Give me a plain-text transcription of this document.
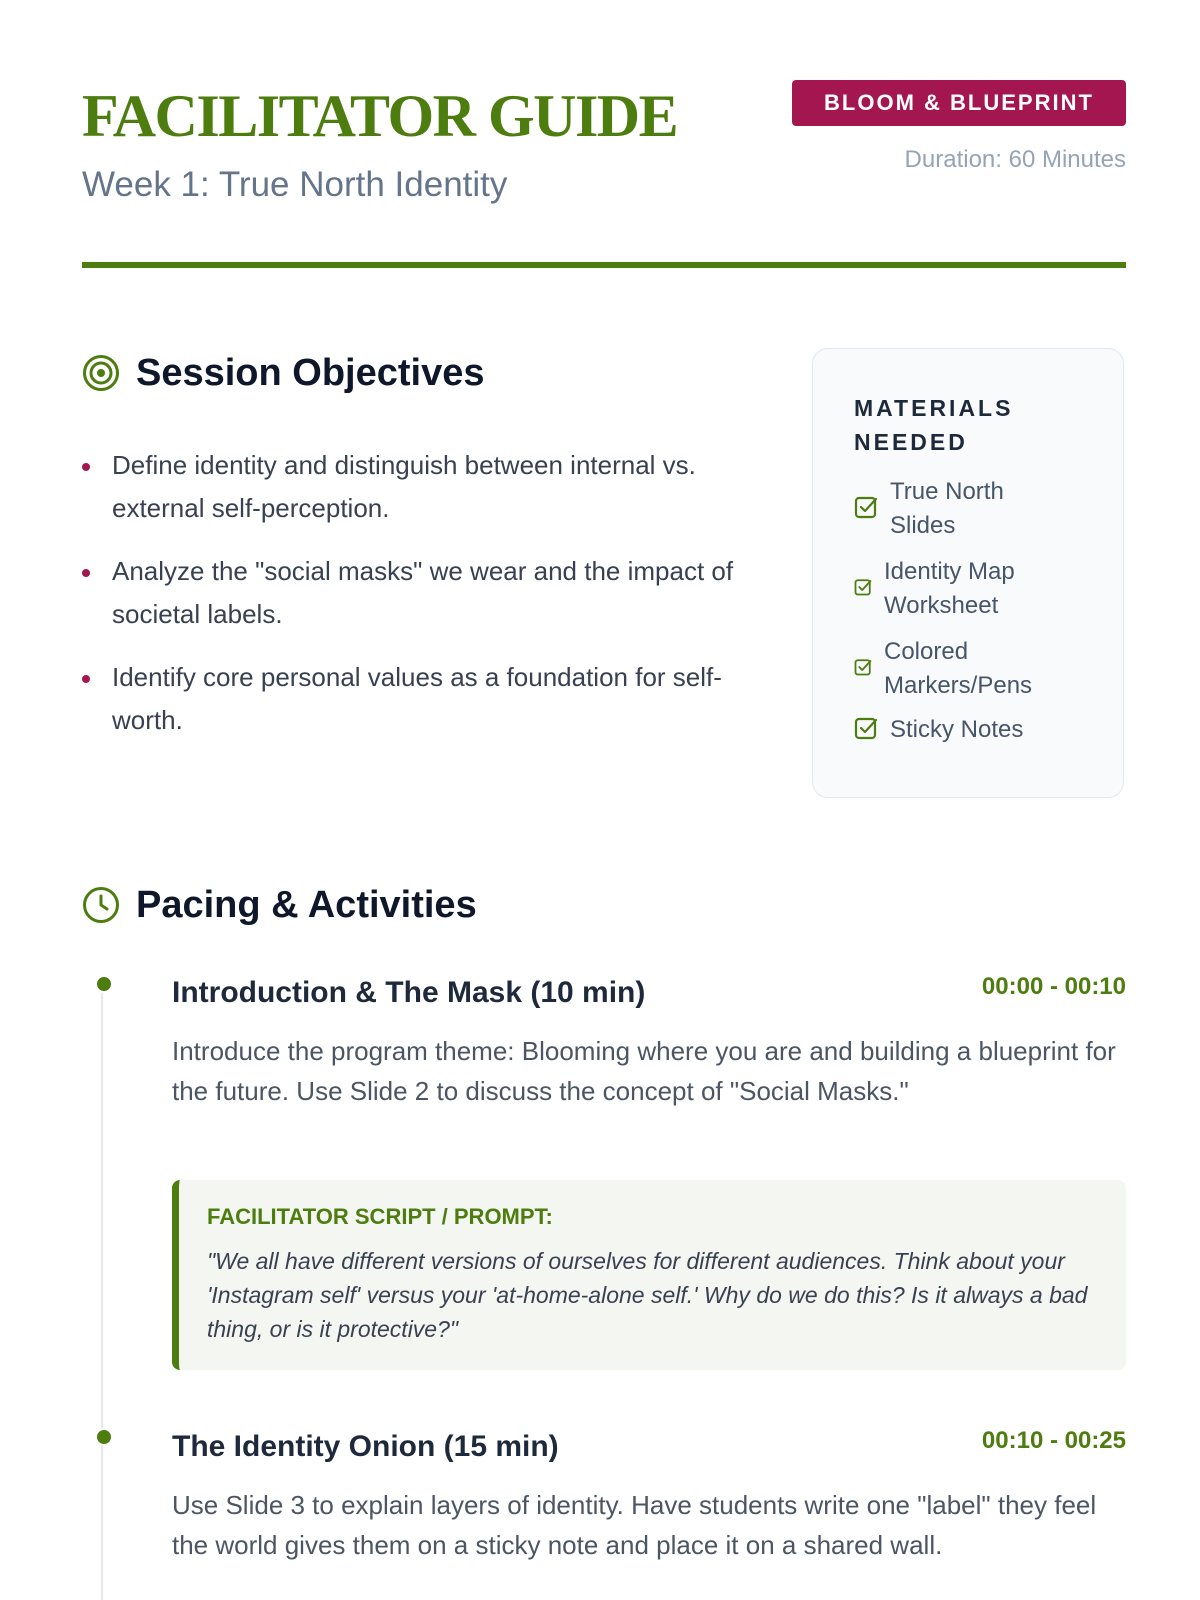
FACILITATOR GUIDE

Week 1: True North Identity

BLOOM & BLUEPRINT
Duration: 60 Minutes
Session Objectives
Define identity and distinguish between internal vs. external self-perception.
Analyze the "social masks" we wear and the impact of societal labels.
Identify core personal values as a foundation for self-worth.
MATERIALS NEEDED
True North Slides
Identity Map Worksheet
Colored Markers/Pens
Sticky Notes
Pacing & Activities
Introduction & The Mask (10 min)	00:00 - 00:10

Introduce the program theme: Blooming where you are and building a blueprint for the future. Use Slide 2 to discuss the concept of "Social Masks."

FACILITATOR SCRIPT / PROMPT:
"We all have different versions of ourselves for different audiences. Think about your 'Instagram self' versus your 'at-home-alone self.' Why do we do this? Is it always a bad thing, or is it protective?"
The Identity Onion (15 min)	00:10 - 00:25

Use Slide 3 to explain layers of identity. Have students write one "label" they feel the world gives them on a sticky note and place it on a shared wall.
